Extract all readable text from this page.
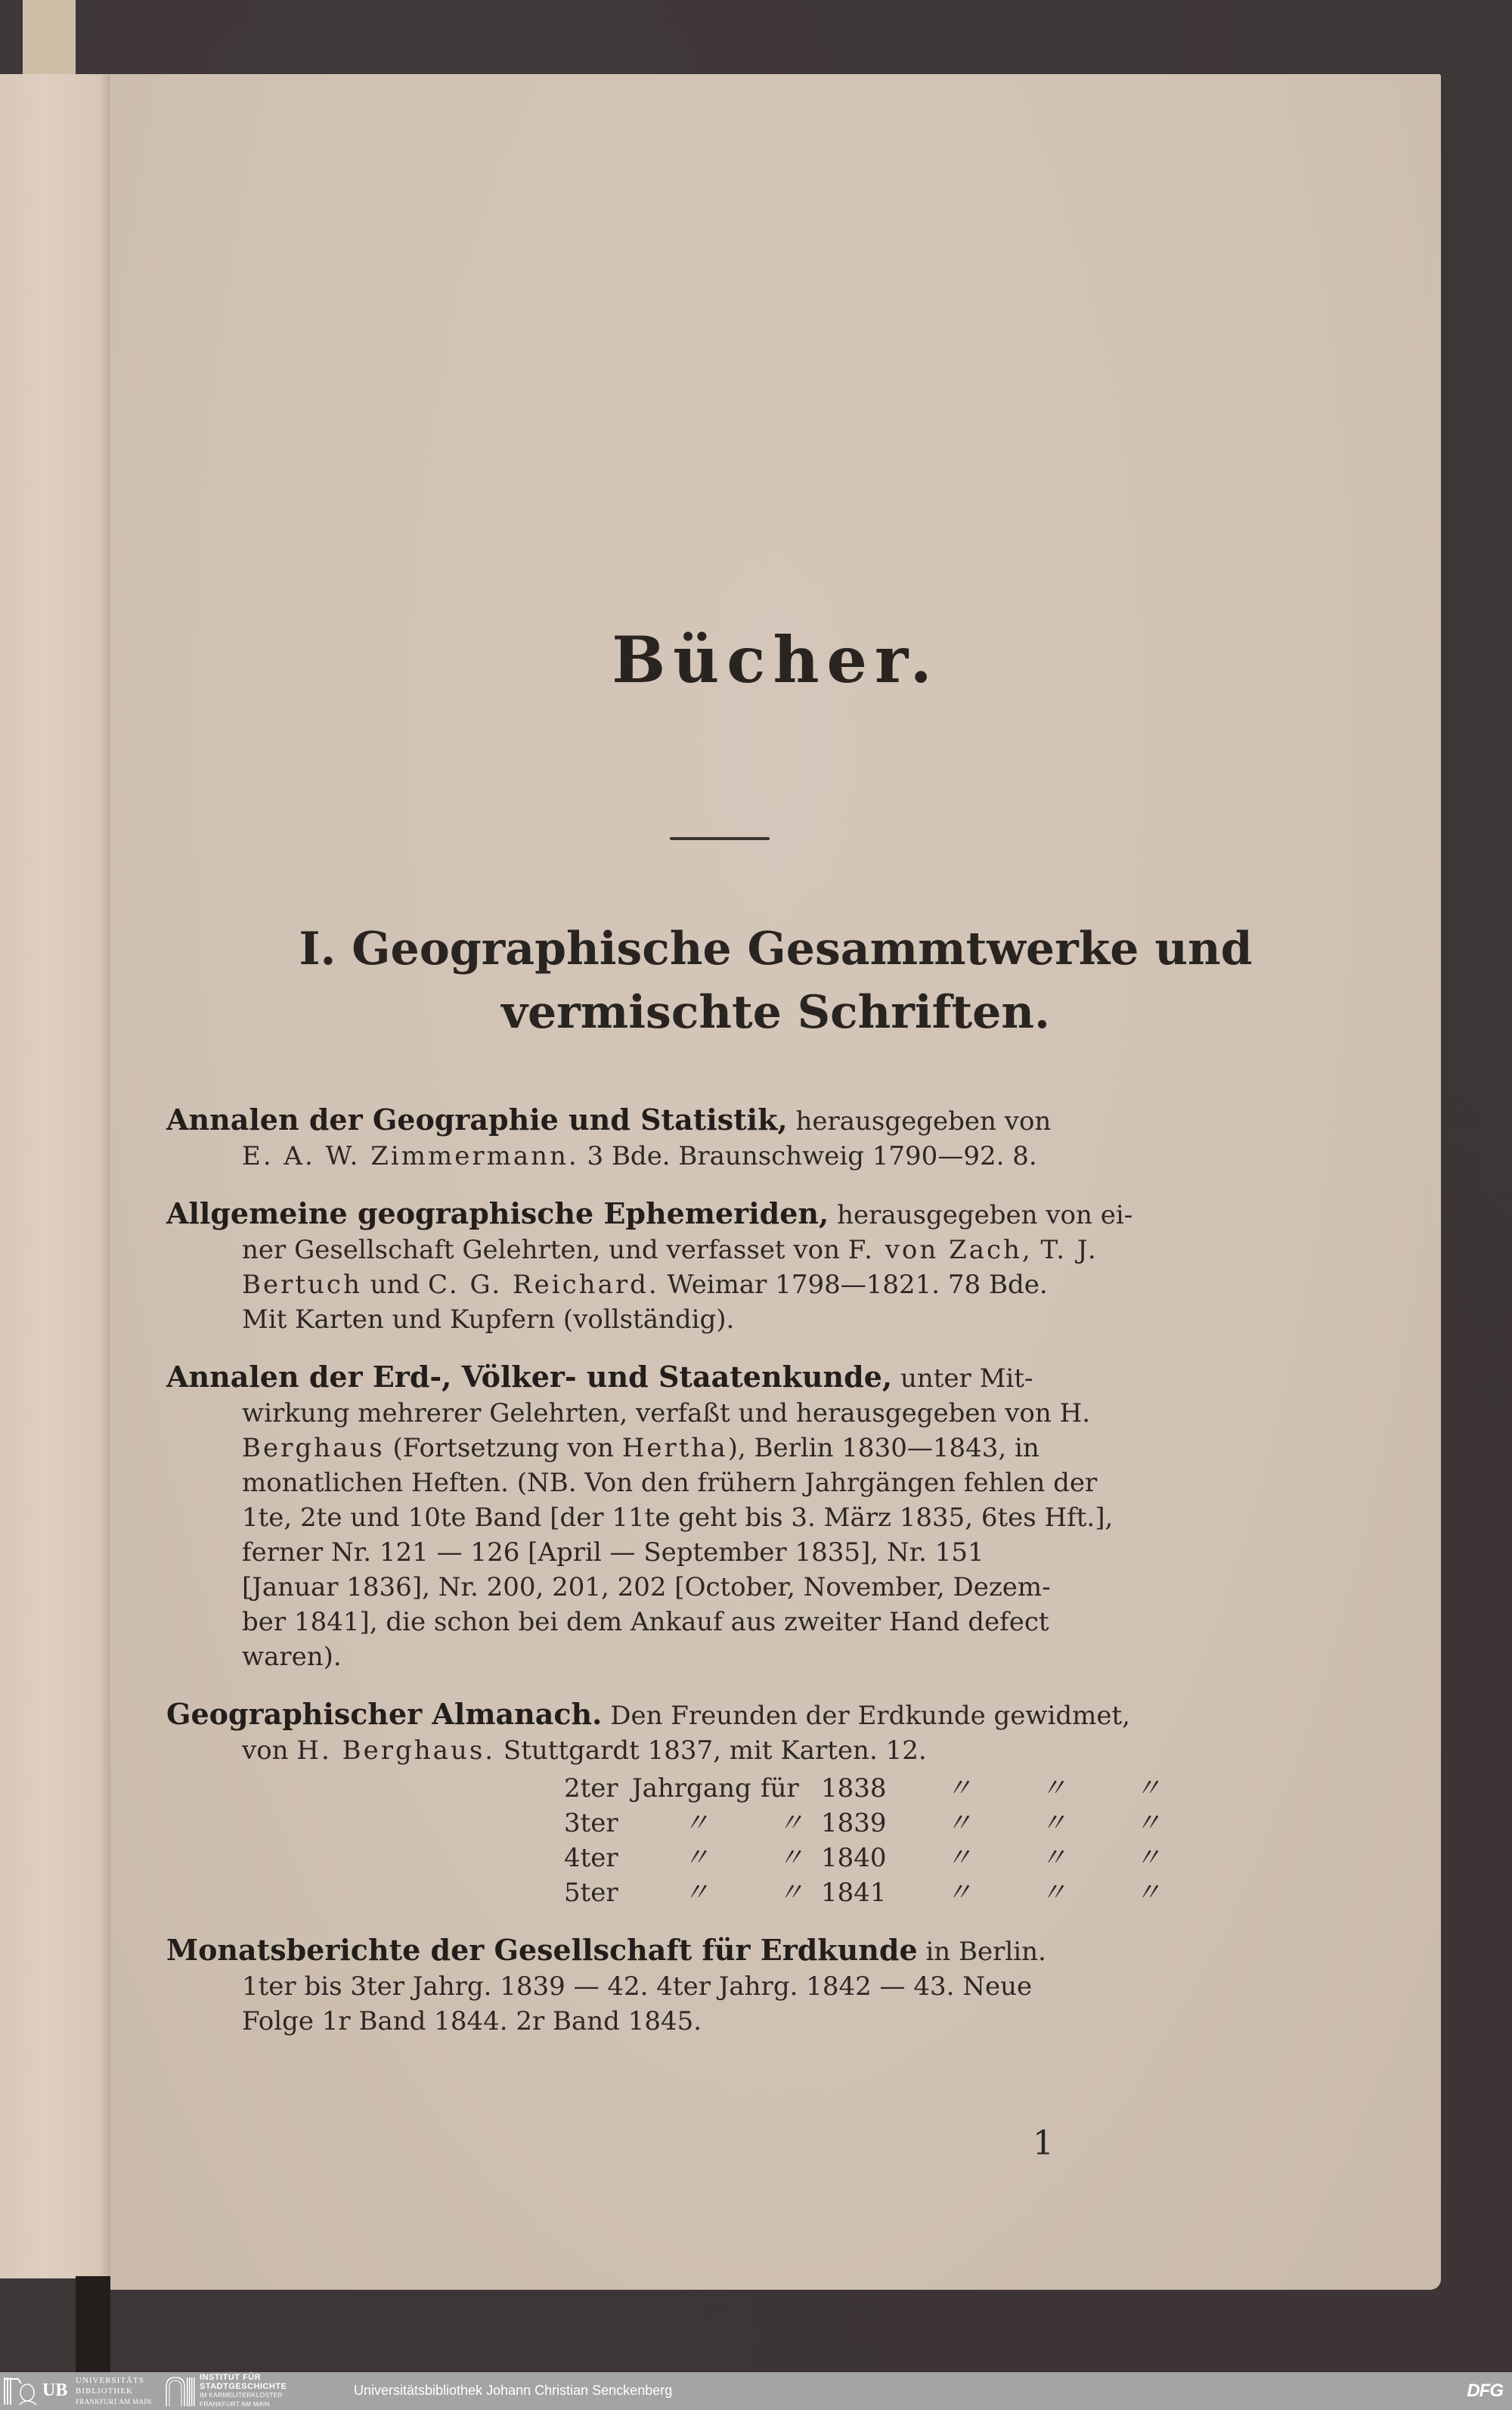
Bücher.
I. Geographische Gesammtwerke und vermischte Schriften.
Annalen der Geographie und Statistik, herausgegeben von
E. A. W. Zimmermann. 3 Bde. Braunschweig 1790—92. 8.
Allgemeine geographische Ephemeriden, herausgegeben von ei-
ner Gesellschaft Gelehrten, und verfasset von F. von Zach, T. J.
Bertuch und C. G. Reichard. Weimar 1798—1821. 78 Bde.
Mit Karten und Kupfern (vollständig).
Annalen der Erd-, Völker- und Staatenkunde, unter Mit-
wirkung mehrerer Gelehrten, verfaßt und herausgegeben von H.
Berghaus (Fortsetzung von Hertha), Berlin 1830—1843, in
monatlichen Heften. (NB. Von den frühern Jahrgängen fehlen der
1te, 2te und 10te Band [der 11te geht bis 3. März 1835, 6tes Hft.],
ferner Nr. 121 — 126 [April — September 1835], Nr. 151
[Januar 1836], Nr. 200, 201, 202 [October, November, Dezem-
ber 1841], die schon bei dem Ankauf aus zweiter Hand defect
waren).
Geographischer Almanach. Den Freunden der Erdkunde gewidmet,
von H. Berghaus. Stuttgardt 1837, mit Karten. 12.
2ter Jahrgang für 1838	〃	〃	〃
3ter	〃	〃 1839	〃	〃	〃
4ter	〃	〃 1840	〃	〃	〃
5ter	〃	〃 1841	〃	〃	〃
Monatsberichte der Gesellschaft für Erdkunde in Berlin.
1ter bis 3ter Jahrg. 1839 — 42. 4ter Jahrg. 1842 — 43. Neue
Folge 1r Band 1844. 2r Band 1845.
1
UB UNIVERSITÄTS
BIBLIOTHEK
FRANKFURT AM MAIN
INSTITUT FÜR
STADTGESCHICHTE
IM KARMELITERKLOSTER
FRANKFURT AM MAIN
Universitätsbibliothek Johann Christian Senckenberg	DFG
